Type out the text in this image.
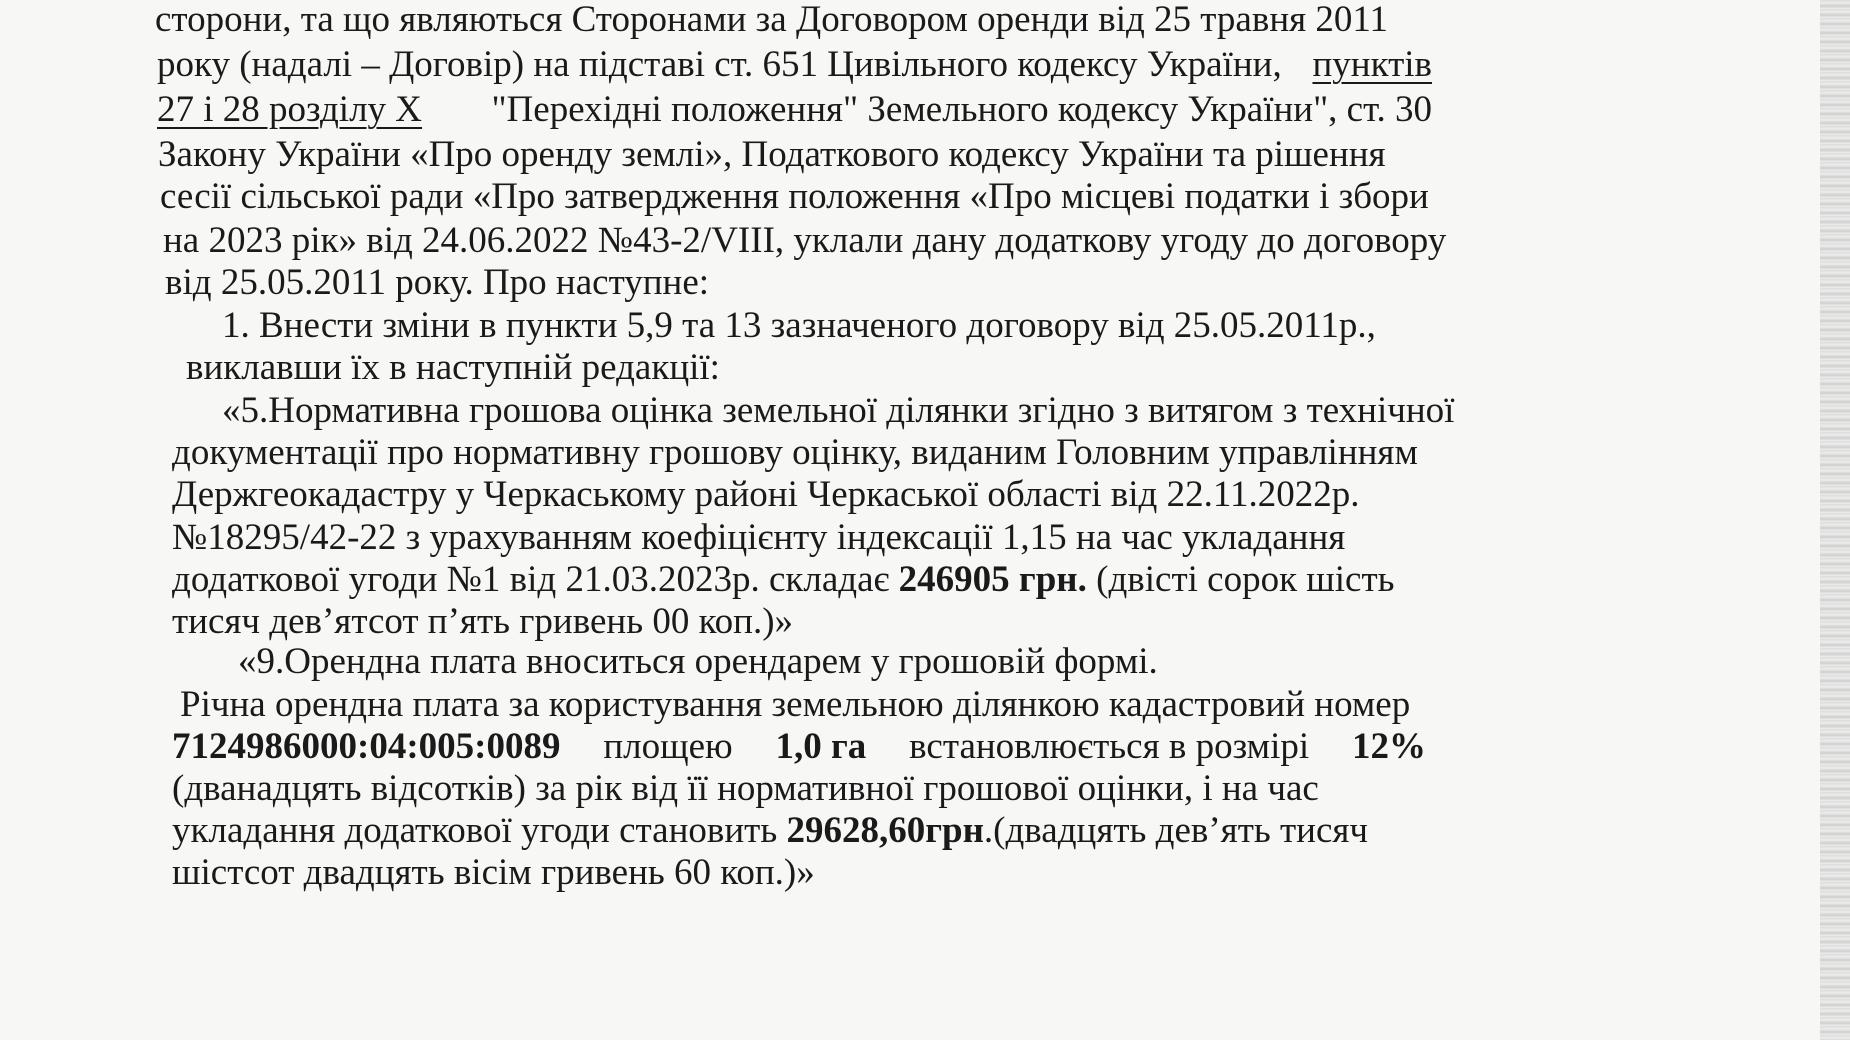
сторони, та що являються Сторонами за Договором оренди від 25 травня 2011
року (надалі – Договір) на підставі ст. 651 Цивільного кодексу України, пунктів
27 і 28 розділу X "Перехідні положення" Земельного кодексу України", ст. 30
Закону України «Про оренду землі», Податкового кодексу України та рішення
сесії сільської ради «Про затвердження положення «Про місцеві податки і збори
на 2023 рік» від 24.06.2022 №43-2/VIII, уклали дану додаткову угоду до договору
від 25.05.2011 року. Про наступне:
1. Внести зміни в пункти 5,9 та 13 зазначеного договору від 25.05.2011р.,
виклавши їх в наступній редакції:
«5.Нормативна грошова оцінка земельної ділянки згідно з витягом з технічної
документації про нормативну грошову оцінку, виданим Головним управлінням
Держгеокадастру у Черкаському районі Черкаської області від 22.11.2022р.
№18295/42-22 з урахуванням коефіцієнту індексації 1,15 на час укладання
додаткової угоди №1 від 21.03.2023р. складає 246905 грн. (двісті сорок шість
тисяч дев’ятсот п’ять гривень 00 коп.)»
«9.Орендна плата вноситься орендарем у грошовій формі.
Річна орендна плата за користування земельною ділянкою кадастровий номер
7124986000:04:005:0089 площею 1,0 га встановлюється в розмірі 12%
(дванадцять відсотків) за рік від її нормативної грошової оцінки, і на час
укладання додаткової угоди становить 29628,60грн.(двадцять дев’ять тисяч
шістсот двадцять вісім гривень 60 коп.)»
